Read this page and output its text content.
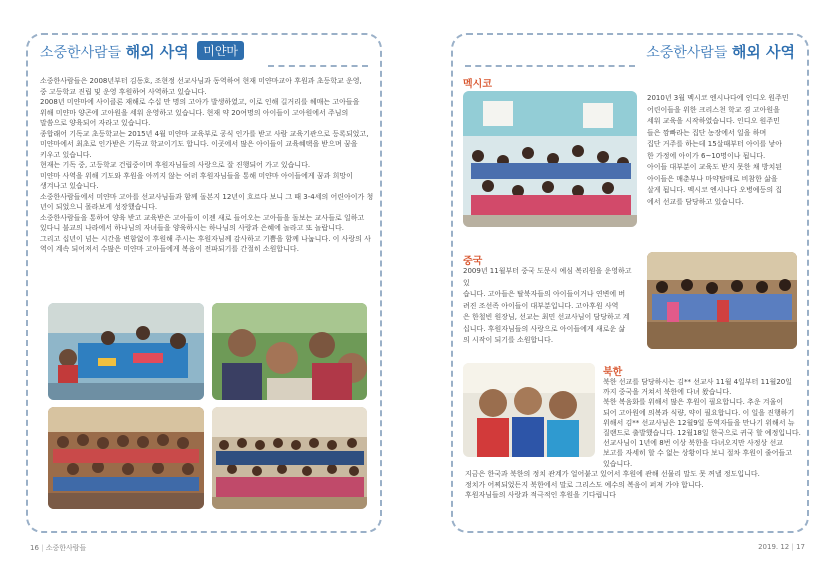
소중한사람들 해외 사역 미얀마
소중한사람들은 2008년부터 김동호, 조현정 선교사님과 동역하여 현재 미얀마교아 후원과 초등학교 운영,
중 고등학교 진립 및 운영 후원하여 사역하고 있습니다.
2008년 미얀마에 사이클론 재해로 수십 만 명의 고아가 발생하였고, 이로 인해 길거리를 헤매는 고아들을
위해 미얀마 양곤에 고아원을 세워 운영하고 있습니다. 현재 약 20여명의 아이들이 고아원에서 주님의
말씀으로 양육되어 자라고 있습니다.
종합래어 기독교 초등학교는 2015년 4월 미얀마 교육부로 공식 인가를 받고 사람 교육기관으로 등록되었고,
미얀마에서 최초로 인가받은 기독교 학교이기도 합니다. 이곳에서 많은 아이들이 교육혜택을 받으며 꿈을
키우고 있습니다.
현재는 기독 중, 고등학교 건립중이며 후원자님들의 사랑으로 잘 진행되어 가고 있습니다.
미얀마 사역을 위해 기도와 후원을 아끼지 않는 여러 후원자님들을 통해 미얀마 아이들에게 꿈과 희망이
생겨나고 있습니다.
소중한사람들에서 미얀마 고아를 선교사님들과 함께 돌본지 12년이 흐르다 보니 그 때 3-4세의 어린아이가 청
년이 되었으니 몰라보게 성장했습니다.
소중한사람들을 통하여 양육 받고 교육받은 고아들이 이젠 새로 들어오는 고아들을 돌보는 교사들로 일하고
있다니 불교의 나라에서 하나님의 자녀들을 양육하시는 하나님의 사랑과 은혜에 놀라고 또 놀랍니다.
그리고 십년이 넘는 시간을 변함없이 후원해 주시는 후원자님께 감사하고 기쁨을 함께 나눕니다. 이 사랑의 사
역이 계속 되어져서 수많은 미얀마 고아들에게 복음이 전파되기를 간절히 소원합니다.
소중한사람들 해외 사역
멕시코
2010년 3월 멕시코 엔시나다에 인디오 원주민
어린이들을 위한 크리스천 학교 겸 고아원을
세워 교육을 시작하였습니다. 인디오 원주민
들은 깜빠라는 집단 농장에서 일을 하며
집단 거주를 하는데 15살때부터 아이를 낳아
한 가정에 아이가 6~10명이나 됩니다.
아이들 대부분이 교육도 받지 못한 채 방치된
아이들은 매춘부나 마약탐매로 비참한 삶을
살게 됩니다. 멕시코 엔시나다 오병예등의 집
에서 선교를 담당하고 있습니다.
중국
2009년 11월부터 중국 도문시 예심 복리원을 운영하고 있
습니다. 고아들은 탈북자들의 아이들이거나 연변에 버
려진 조선족 아이들이 대부분입니다. 고아후원 사역
은 한철빈 원장님, 선교는 최민 선교사님이 담당하고 계
십니다. 후원자님들의 사랑으로 아이들에게 새로운 삶
의 시작이 되기를 소원합니다.
북한
북한 선교를 담당하시는 김** 선교사 11월 4일부터 11월20일
까지 중국을 거쳐서 북한에 다녀 왔습니다.
북한 복음화를 위해서 많은 후원이 필요합니다. 추운 겨울이
되어 고아원에 의복과 식량, 약이 필요합니다. 이 일을 진행하기
위해서 김** 선교사님은 12월9일 동역자들을 만나기 위해서 뉴
질랜드로 출발했습니다. 12월18일 한국으로 귀국 할 예정입니다.
선교사님이 1년에 8번 이상 북한을 다녀오지만 사정상 선교
보고를 자세히 할 수 없는 상황이다 보니 절차 후원이 줄어들고
있습니다.
지금은 한국과 북한의 정치 관계가 얼어붙고 있어서 후원에 관해 선물리 말도 못 꺼낼 정도입니다.
정치가 어찌되었든지 북한에서 말로 그리스도 예수의 복음이 퍼져 가야 합니다.
후원자님들의 사랑과 적극적인 후원을 기다립니다
16 | 소중한사람들	2019. 12 | 17
